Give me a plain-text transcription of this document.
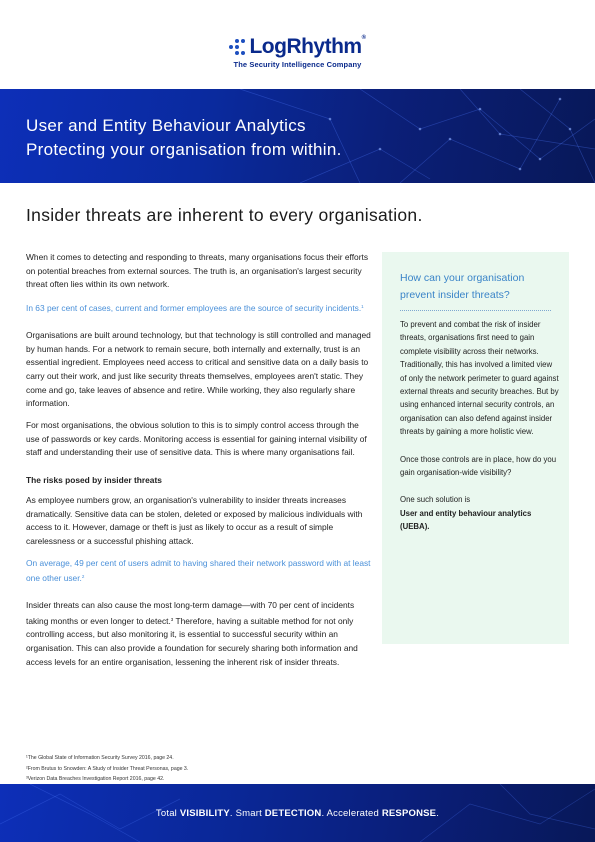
LogRhythm®
The Security Intelligence Company
User and Entity Behaviour Analytics
Protecting your organisation from within.
Insider threats are inherent to every organisation.

When it comes to detecting and responding to threats, many organisations focus their efforts on potential breaches from external sources. The truth is, an organisation's largest security threat often lies within its own network.

In 63 per cent of cases, current and former employees are the source of security incidents.$^1$

Organisations are built around technology, but that technology is still controlled and managed by human hands. For a network to remain secure, both internally and externally, trust is an essential ingredient. Employees need access to critical and sensitive data on a daily basis to carry out their work, and just like security threats themselves, employees aren't static. They come and go, take leaves of absence and retire. While working, they also regularly share information.

For most organisations, the obvious solution to this is to simply control access through the use of passwords or key cards. Monitoring access is essential for gaining internal visibility of staff and understanding their use of sensitive data. This is where many organisations fail.

The risks posed by insider threats

As employee numbers grow, an organisation's vulnerability to insider threats increases dramatically. Sensitive data can be stolen, deleted or exposed by malicious individuals with access to it. However, damage or theft is just as likely to occur as a result of simple carelessness or a successful phishing attack.

On average, 49 per cent of users admit to having shared their network password with at least one other user.$^2$

Insider threats can also cause the most long-term damage—with 70 per cent of incidents taking months or even longer to detect.$^3$ Therefore, having a suitable method for not only controlling access, but also monitoring it, is essential to successful security within an organisation. This can also provide a foundation for securely sharing both information and access levels for an entire organisation, lessening the inherent risk of insider threats.

How can your organisation prevent insider threats?

To prevent and combat the risk of insider threats, organisations first need to gain complete visibility across their networks. Traditionally, this has involved a limited view of only the network perimeter to guard against external threats and security breaches. But by using enhanced internal security controls, an organisation can also defend against insider threats by gaining a more holistic view.

Once those controls are in place, how do you gain organisation-wide visibility?

One such solution is
User and entity behaviour analytics (UEBA).

¹The Global State of Information Security Survey 2016, page 24.
²From Brutus to Snowden: A Study of Insider Threat Personas, page 3.
³Verizon Data Breaches Investigation Report 2016, page 42.
Total VISIBILITY. Smart DETECTION. Accelerated RESPONSE.
